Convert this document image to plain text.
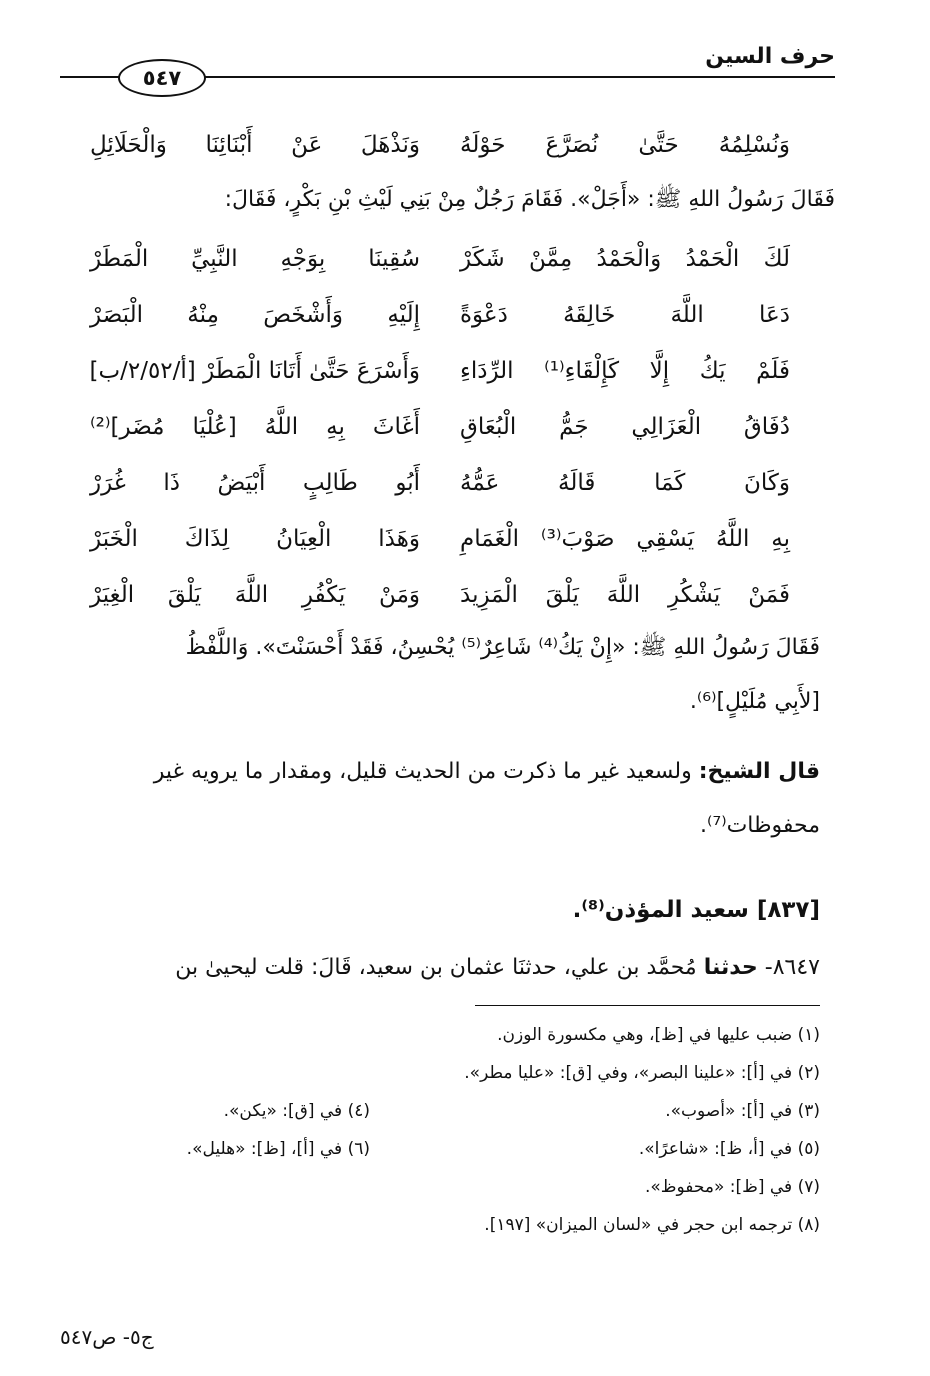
حرف السين
٥٤٧
وَنُسْلِمُهُ حَتَّىٰ نُصَرَّعَ حَوْلَهُ
وَنَذْهَلَ عَنْ أَبْنَائِنَا وَالْحَلَائِلِ
فَقَالَ رَسُولُ اللهِ ﷺ: «أَجَلْ». فَقَامَ رَجُلٌ مِنْ بَنِي لَيْثِ بْنِ بَكْرٍ، فَقَالَ:
لَكَ الْحَمْدُ وَالْحَمْدُ مِمَّنْ شَكَرْ
سُقِينَا بِوَجْهِ النَّبِيِّ الْمَطَرْ
دَعَا اللَّهَ خَالِقَهُ دَعْوَةً
إِلَيْهِ وَأَشْخَصَ مِنْهُ الْبَصَرْ
فَلَمْ يَكُ إِلَّا كَإِلْقَاءِ⁽¹⁾ الرِّدَاءِ
وَأَسْرَعَ حَتَّىٰ أَتَانَا الْمَطَرْ [أ/٢/٥٢/ب]
دُفَاقُ الْعَزَالِي جَمُّ الْبُعَاقِ
أَغَاثَ بِهِ اللَّهُ [عُلْيَا مُضَر]⁽²⁾
وَكَانَ كَمَا قَالَهُ عَمُّهُ
أَبُو طَالِبٍ أَبْيَضُ ذَا غُرَرْ
بِهِ اللَّهُ يَسْقِي صَوْبَ⁽³⁾ الْغَمَامِ
وَهَذَا الْعِيَانُ لِذَاكَ الْخَبَرْ
فَمَنْ يَشْكُرِ اللَّهَ يَلْقَ الْمَزِيدَ
وَمَنْ يَكْفُرِ اللَّهَ يَلْقَ الْغِيَرْ
فَقَالَ رَسُولُ اللهِ ﷺ: «إِنْ يَكُ⁽⁴⁾ شَاعِرٌ⁽⁵⁾ يُحْسِنُ، فَقَدْ أَحْسَنْتَ». وَاللَّفْظُ
[لأَبِي مُلَيْلٍ]⁽⁶⁾.
قال الشيخ: ولسعيد غير ما ذكرت من الحديث قليل، ومقدار ما يرويه غير
محفوظات⁽⁷⁾.
[٨٣٧] سعيد المؤذن⁽⁸⁾.
٨٦٤٧- حدثنا مُحمَّد بن علي، حدثنَا عثمان بن سعيد، قَالَ: قلت ليحيىٰ بن
(١) ضبب عليها في [ظ]، وهي مكسورة الوزن.
(٢) في [أ]: «علينا البصر»، وفي [ق]: «عليا مطر».
(٣) في [أ]: «أصوب».
(٤) في [ق]: «يكن».
(٥) في [أ، ظ]: «شاعرًا».
(٦) في [أ]، [ظ]: «هليل».
(٧) في [ظ]: «محفوظ».
(٨) ترجمه ابن حجر في «لسان الميزان» [١٩٧].
ج٥- ص٥٤٧
